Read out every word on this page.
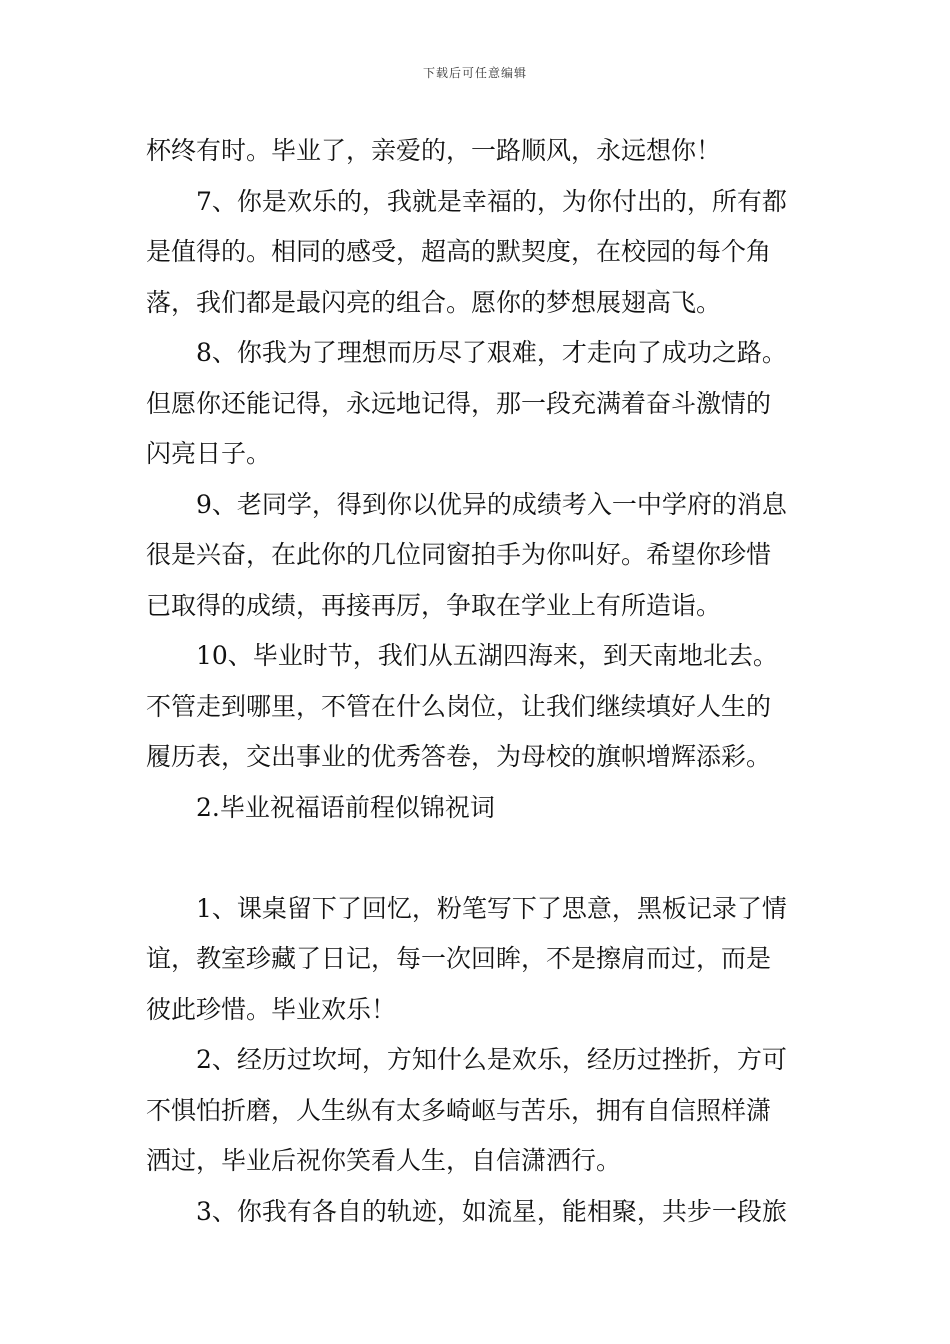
下载后可任意编辑
杯终有时。毕业了，亲爱的，一路顺风，永远想你！
7、你是欢乐的，我就是幸福的，为你付出的，所有都
是值得的。相同的感受，超高的默契度，在校园的每个角
落，我们都是最闪亮的组合。愿你的梦想展翅高飞。
8、你我为了理想而历尽了艰难，才走向了成功之路。
但愿你还能记得，永远地记得，那一段充满着奋斗激情的
闪亮日子。
9、老同学，得到你以优异的成绩考入一中学府的消息
很是兴奋，在此你的几位同窗拍手为你叫好。希望你珍惜
已取得的成绩，再接再厉，争取在学业上有所造诣。
10、毕业时节，我们从五湖四海来，到天南地北去。
不管走到哪里，不管在什么岗位，让我们继续填好人生的
履历表，交出事业的优秀答卷，为母校的旗帜增辉添彩。
2.毕业祝福语前程似锦祝词
1、课桌留下了回忆，粉笔写下了思意，黑板记录了情
谊，教室珍藏了日记，每一次回眸，不是擦肩而过，而是
彼此珍惜。毕业欢乐！
2、经历过坎坷，方知什么是欢乐，经历过挫折，方可
不惧怕折磨，人生纵有太多崎岖与苦乐，拥有自信照样潇
洒过，毕业后祝你笑看人生，自信潇洒行。
3、你我有各自的轨迹，如流星，能相聚，共步一段旅
